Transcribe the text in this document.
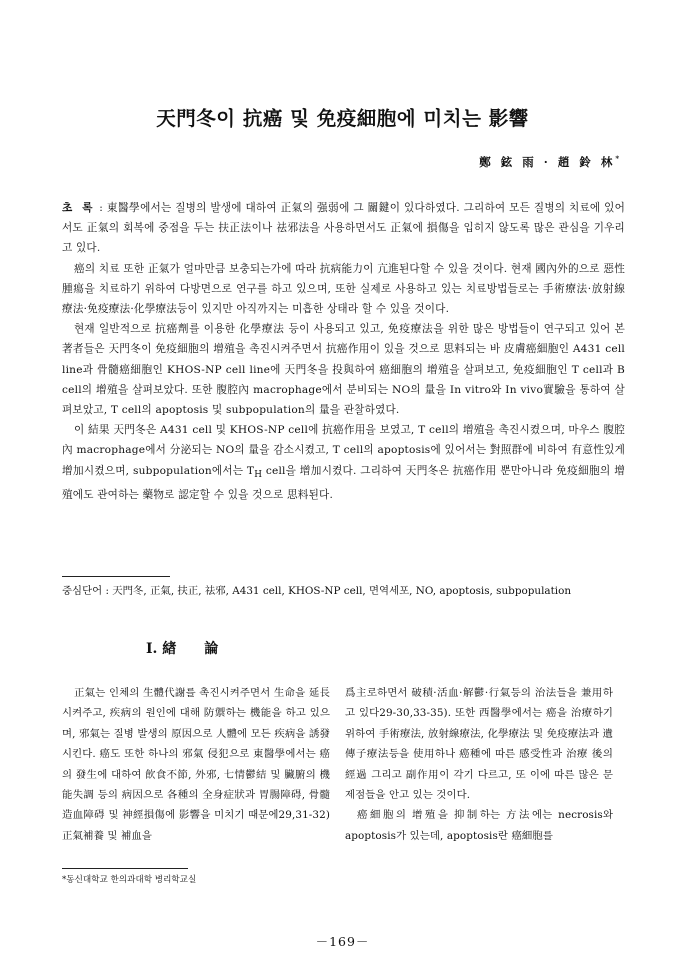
天門冬이 抗癌 및 免疫細胞에 미치는 影響
鄭 鉉 雨 · 趙 鈴 林*

초 록 : 東醫學에서는 질병의 발생에 대하여 正氣의 强弱에 그 關鍵이 있다하였다. 그리하여 모든 질병의 치료에 있어서도 正氣의 회복에 중점을 두는 扶正法이나 祛邪法을 사용하면서도 正氣에 損傷을 입히지 않도록 많은 관심을 기우리고 있다.

癌의 치료 또한 正氣가 얼마만큼 보충되는가에 따라 抗病能力이 亢進된다할 수 있을 것이다. 현재 國內外的으로 惡性腫瘍을 치료하기 위하여 다방면으로 연구를 하고 있으며, 또한 실제로 사용하고 있는 치료방법들로는 手術療法·放射線療法·免疫療法·化學療法등이 있지만 아직까지는 미흡한 상태라 할 수 있을 것이다.

현재 일반적으로 抗癌劑를 이용한 化學療法 등이 사용되고 있고, 免疫療法을 위한 많은 방법들이 연구되고 있어 본 著者들은 天門冬이 免疫細胞의 增殖을 촉진시켜주면서 抗癌作用이 있을 것으로 思料되는 바 皮膚癌細胞인 A431 cell line과 骨髓癌細胞인 KHOS-NP cell line에 天門冬을 投與하여 癌細胞의 增殖을 살펴보고, 免疫細胞인 T cell과 B cell의 增殖을 살펴보았다. 또한 腹腔內 macrophage에서 분비되는 NO의 量을 In vitro와 In vivo實驗을 통하여 살펴보았고, T cell의 apoptosis 및 subpopulation의 量을 관찰하였다.

이 結果 天門冬은 A431 cell 및 KHOS-NP cell에 抗癌作用을 보였고, T cell의 增殖을 촉진시켰으며, 마우스 腹腔內 macrophage에서 分泌되는 NO의 量을 감소시켰고, T cell의 apoptosis에 있어서는 對照群에 비하여 有意性있게 增加시켰으며, subpopulation에서는 $T_H$ cell을 增加시켰다. 그리하여 天門冬은 抗癌作用 뿐만아니라 免疫細胞의 增殖에도 관여하는 藥物로 認定할 수 있을 것으로 思料된다.

중심단어 : 天門冬, 正氣, 扶正, 祛邪, A431 cell, KHOS-NP cell, 면역세포, NO, apoptosis, subpopulation
Ⅰ. 緖　　論

正氣는 인체의 生體代謝를 촉진시켜주면서 生命을 延長시켜주고, 疾病의 원인에 대해 防禦하는 機能을 하고 있으며, 邪氣는 질병 발생의 原因으로 人體에 모든 疾病을 誘發시킨다. 癌도 또한 하나의 邪氣 侵犯으로 東醫學에서는 癌의 發生에 대하여 飮食不節, 外邪, 七情鬱結 및 臟腑의 機能失調 등의 病因으로 各種의 全身症狀과 胃腸障碍, 骨髓造血障碍 및 神經損傷에 影響을 미치기 때문에29,31-32) 正氣補養 및 補血을

爲主로하면서 破積·活血·解鬱·行氣등의 治法들을 兼用하고 있다29-30,33-35). 또한 西醫學에서는 癌을 治療하기 위하여 手術療法, 放射線療法, 化學療法 및 免疫療法과 遺傳子療法등을 使用하나 癌種에 따른 感受性과 治療 後의 經過 그리고 副作用이 각기 다르고, 또 이에 따른 많은 문제점들을 안고 있는 것이다.

癌細胞의 增殖을 抑制하는 方法에는 necrosis와 apoptosis가 있는데, apoptosis란 癌細胞를

*동신대학교 한의과대학 병리학교실
－169－
